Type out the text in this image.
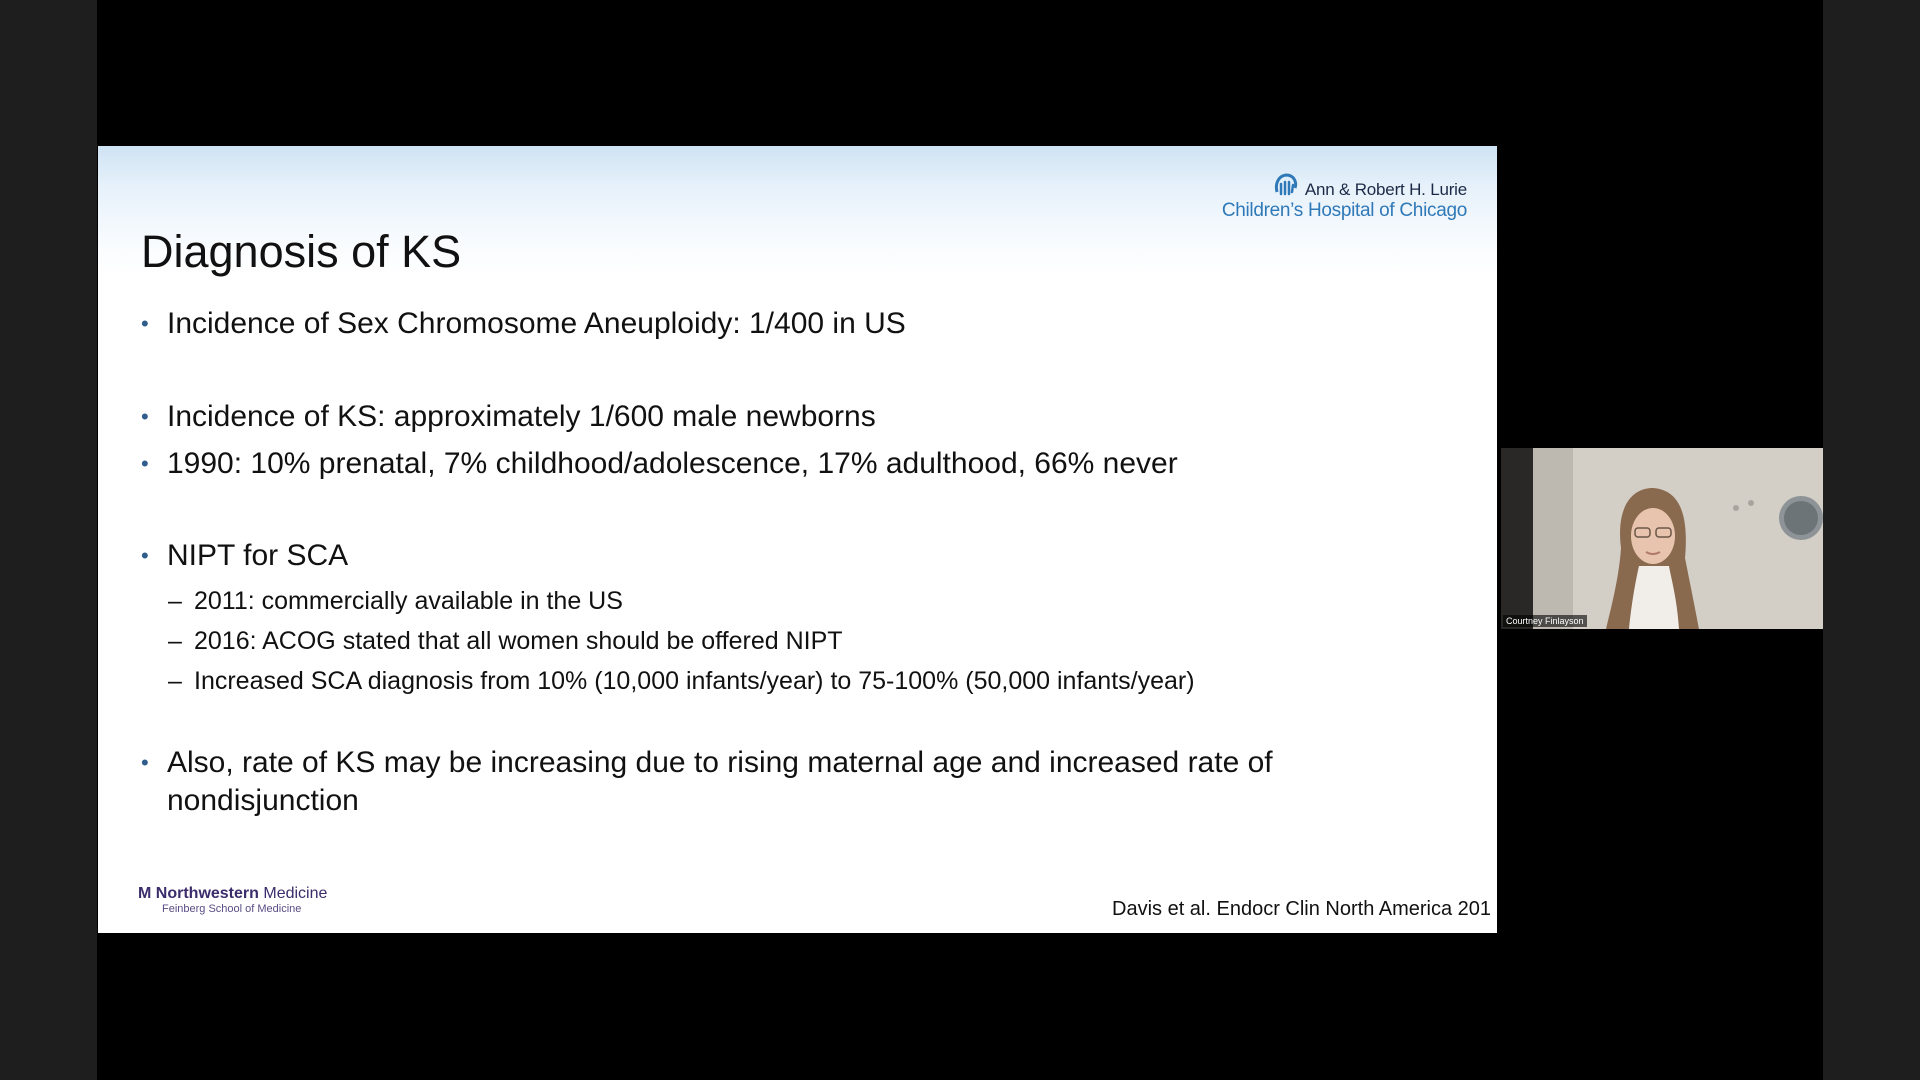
Ann & Robert H. Lurie
Children’s Hospital of Chicago
Diagnosis of KS
• Incidence of Sex Chromosome Aneuploidy: 1/400 in US
• Incidence of KS: approximately 1/600 male newborns
• 1990: 10% prenatal, 7% childhood/adolescence, 17% adulthood, 66% never
• NIPT for SCA
– 2011: commercially available in the US
– 2016: ACOG stated that all women should be offered NIPT
– Increased SCA diagnosis from 10% (10,000 infants/year) to 75-100% (50,000 infants/year)
• Also, rate of KS may be increasing due to rising maternal age and increased rate of nondisjunction
M Northwestern Medicine
Feinberg School of Medicine	Davis et al. Endocr Clin North America 201
Courtney Finlayson
